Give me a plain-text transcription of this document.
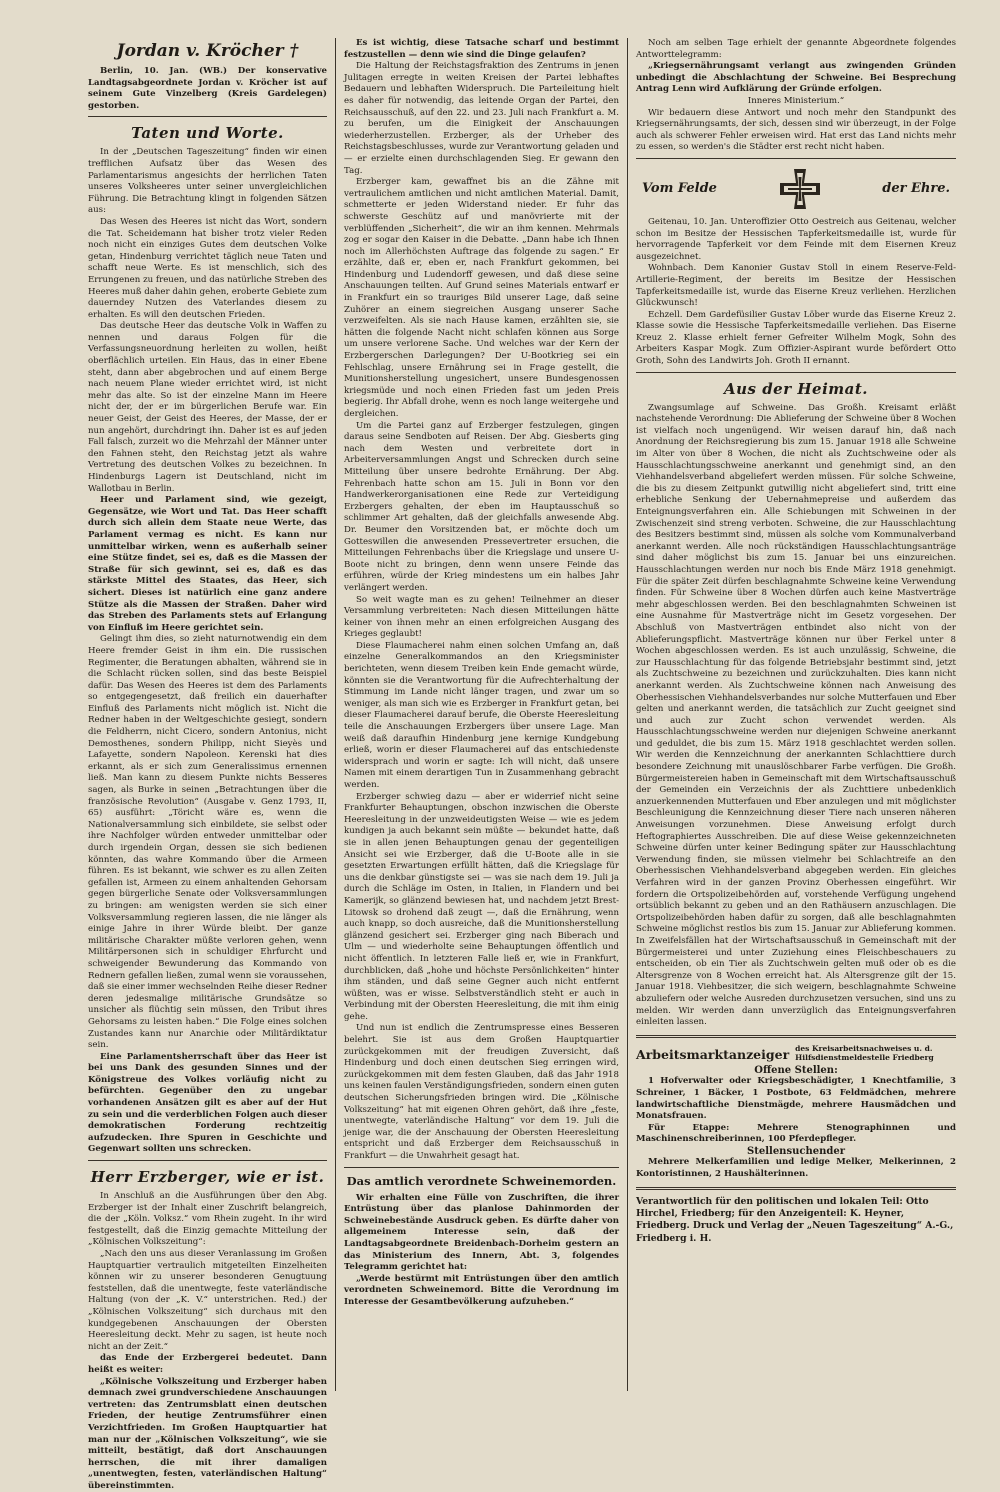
Jordan v. Kröcher †

Berlin, 10. Jan. (WB.) Der konservative Landtagsabgeordnete Jordan v. Kröcher ist auf seinem Gute Vinzelberg (Kreis Gardelegen) gestorben.

Taten und Worte.

In der „Deutschen Tageszeitung“ finden wir einen trefflichen Aufsatz über das Wesen des Parlamentarismus angesichts der herrlichen Taten unseres Volksheeres unter seiner unvergleichlichen Führung. Die Betrachtung klingt in folgenden Sätzen aus:

Das Wesen des Heeres ist nicht das Wort, sondern die Tat. Scheidemann hat bisher trotz vieler Reden noch nicht ein einziges Gutes dem deutschen Volke getan, Hindenburg verrichtet täglich neue Taten und schafft neue Werte. Es ist menschlich, sich des Errungenen zu freuen, und das natürliche Streben des Heeres muß daher dahin gehen, eroberte Gebiete zum dauerndey Nutzen des Vaterlandes diesem zu erhalten. Es will den deutschen Frieden.

Das deutsche Heer das deutsche Volk in Waffen zu nennen und daraus Folgen für die Verfassungsneuordnung herleiten zu wollen, heißt oberflächlich urteilen. Ein Haus, das in einer Ebene steht, dann aber abgebrochen und auf einem Berge nach neuem Plane wieder errichtet wird, ist nicht mehr das alte. So ist der einzelne Mann im Heere nicht der, der er im bürgerlichen Berufe war. Ein neuer Geist, der Geist des Heeres, der Masse, der er nun angehört, durchdringt ihn. Daher ist es auf jeden Fall falsch, zurzeit wo die Mehrzahl der Männer unter den Fahnen steht, den Reichstag jetzt als wahre Vertretung des deutschen Volkes zu bezeichnen. In Hindenburgs Lagern ist Deutschland, nicht im Wallotbau in Berlin.

Heer und Parlament sind, wie gezeigt, Gegensätze, wie Wort und Tat. Das Heer schafft durch sich allein dem Staate neue Werte, das Parlament vermag es nicht. Es kann nur unmittelbar wirken, wenn es außerhalb seiner eine Stütze findet, sei es, daß es die Massen der Straße für sich gewinnt, sei es, daß es das stärkste Mittel des Staates, das Heer, sich sichert. Dieses ist natürlich eine ganz andere Stütze als die Massen der Straßen. Daher wird das Streben des Parlaments stets auf Erlangung von Einfluß im Heere gerichtet sein.

Gelingt ihm dies, so zieht naturnotwendig ein dem Heere fremder Geist in ihm ein. Die russischen Regimenter, die Beratungen abhalten, während sie in die Schlacht rücken sollen, sind das beste Beispiel dafür. Das Wesen des Heeres ist dem des Parlaments so entgegengesetzt, daß freilich ein dauerhafter Einfluß des Parlaments nicht möglich ist. Nicht die Redner haben in der Weltgeschichte gesiegt, sondern die Feldherrn, nicht Cicero, sondern Antonius, nicht Demosthenes, sondern Philipp, nicht Sieyès und Lafayette, sondern Napoleon. Kerenski hat dies erkannt, als er sich zum Generalissimus ernennen ließ. Man kann zu diesem Punkte nichts Besseres sagen, als Burke in seinen „Betrachtungen über die französische Revolution“ (Ausgabe v. Genz 1793, II, 65) ausführt: „Töricht wäre es, wenn die Nationalversammlung sich einbildete, sie selbst oder ihre Nachfolger würden entweder unmittelbar oder durch irgendein Organ, dessen sie sich bedienen könnten, das wahre Kommando über die Armeen führen. Es ist bekannt, wie schwer es zu allen Zeiten gefallen ist, Armeen zu einem anhaltenden Gehorsam gegen bürgerliche Senate oder Volksversammlungen zu bringen: am wenigsten werden sie sich einer Volksversammlung regieren lassen, die nie länger als einige Jahre in ihrer Würde bleibt. Der ganze militärische Charakter müßte verloren gehen, wenn Militärpersonen sich in schuldiger Ehrfurcht und schweigender Bewunderung das Kommando von Rednern gefallen ließen, zumal wenn sie voraussehen, daß sie einer immer wechselnden Reihe dieser Redner deren jedesmalige militärische Grundsätze so unsicher als flüchtig sein müssen, den Tribut ihres Gehorsams zu leisten haben.“ Die Folge eines solchen Zustandes kann nur Anarchie oder Militärdiktatur sein.

Eine Parlamentsherrschaft über das Heer ist bei uns Dank des gesunden Sinnes und der Königstreue des Volkes vorläufig nicht zu befürchten. Gegenüber den zu ungebar vorhandenen Ansätzen gilt es aber auf der Hut zu sein und die verderblichen Folgen auch dieser demokratischen Forderung rechtzeitig aufzudecken. Ihre Spuren in Geschichte und Gegenwart sollten uns schrecken.

Herr Erzberger, wie er ist.

In Anschluß an die Ausführungen über den Abg. Erzberger ist der Inhalt einer Zuschrift belangreich, die der „Köln. Volksz.“ vom Rhein zugeht. In ihr wird festgestellt, daß die Einzig gemachte Mitteilung der „Kölnischen Volkszeitung“:

„Nach den uns aus dieser Veranlassung im Großen Hauptquartier vertraulich mitgeteilten Einzelheiten können wir zu unserer besonderen Genugtuung feststellen, daß die unentwegte, feste vaterländische Haltung (von der „K. V.“ unterstrichen. Red.) der „Kölnischen Volkszeitung“ sich durchaus mit den kundgegebenen Anschauungen der Obersten Heeresleitung deckt. Mehr zu sagen, ist heute noch nicht an der Zeit.“

das Ende der Erzbergerei bedeutet. Dann heißt es weiter:

„Kölnische Volkszeitung und Erzberger haben demnach zwei grundverschiedene Anschauungen vertreten: das Zentrumsblatt einen deutschen Frieden, der heutige Zentrumsführer einen Verzichtfrieden. Im Großen Hauptquartier hat man nur der „Kölnischen Volkszeitung“, wie sie mitteilt, bestätigt, daß dort Anschauungen herrschen, die mit ihrer damaligen „unentwegten, festen, vaterländischen Haltung“ übereinstimmten.

Es ist wichtig, diese Tatsache scharf und bestimmt festzustellen — denn wie sind die Dinge gelaufen?

Die Haltung der Reichstagsfraktion des Zentrums in jenen Julitagen erregte in weiten Kreisen der Partei lebhaftes Bedauern und lebhaften Widerspruch. Die Parteileitung hielt es daher für notwendig, das leitende Organ der Partei, den Reichsausschuß, auf den 22. und 23. Juli nach Frankfurt a. M. zu berufen, um die Einigkeit der Anschauungen wiederherzustellen. Erzberger, als der Urheber des Reichstagsbeschlusses, wurde zur Verantwortung geladen und — er erzielte einen durchschlagenden Sieg. Er gewann den Tag.

Erzberger kam, gewaffnet bis an die Zähne mit vertraulichem amtlichen und nicht amtlichen Material. Damit, schmetterte er jeden Widerstand nieder. Er fuhr das schwerste Geschütz auf und manövrierte mit der verblüffenden „Sicherheit“, die wir an ihm kennen. Mehrmals zog er sogar den Kaiser in die Debatte. „Dann habe ich Ihnen noch im Allerhöchsten Auftrage das folgende zu sagen.“ Er erzählte, daß er, eben er, nach Frankfurt gekommen, bei Hindenburg und Ludendorff gewesen, und daß diese seine Anschauungen teilten. Auf Grund seines Materials entwarf er in Frankfurt ein so trauriges Bild unserer Lage, daß seine Zuhörer an einem siegreichen Ausgang unserer Sache verzweifelten. Als sie nach Hause kamen, erzählten sie, sie hätten die folgende Nacht nicht schlafen können aus Sorge um unsere verlorene Sache. Und welches war der Kern der Erzbergerschen Darlegungen? Der U-Bootkrieg sei ein Fehlschlag, unsere Ernährung sei in Frage gestellt, die Munitionsherstellung ungesichert, unsere Bundesgenossen kriegsmüde und noch einen Frieden fast um jeden Preis begierig. Ihr Abfall drohe, wenn es noch lange weitergehe und dergleichen.

Um die Partei ganz auf Erzberger festzulegen, gingen daraus seine Sendboten auf Reisen. Der Abg. Giesberts ging nach dem Westen und verbreitete dort in Arbeiterversammlungen Angst und Schrecken durch seine Mitteilung über unsere bedrohte Ernährung. Der Abg. Fehrenbach hatte schon am 15. Juli in Bonn vor den Handwerkerorganisationen eine Rede zur Verteidigung Erzbergers gehalten, der eben im Hauptausschuß so schlimmer Art gehalten, daß der gleichfalls anwesende Abg. Dr. Beumer den Vorsitzenden bat, er möchte doch um Gotteswillen die anwesenden Pressevertreter ersuchen, die Mitteilungen Fehrenbachs über die Kriegslage und unsere U-Boote nicht zu bringen, denn wenn unsere Feinde das erführen, würde der Krieg mindestens um ein halbes Jahr verlängert werden.

So weit wagte man es zu gehen! Teilnehmer an dieser Versammlung verbreiteten: Nach diesen Mitteilungen hätte keiner von ihnen mehr an einen erfolgreichen Ausgang des Krieges geglaubt!

Diese Flaumacherei nahm einen solchen Umfang an, daß einzelne Generalkommandos an den Kriegsminister berichteten, wenn diesem Treiben kein Ende gemacht würde, könnten sie die Verantwortung für die Aufrechterhaltung der Stimmung im Lande nicht länger tragen, und zwar um so weniger, als man sich wie es Erzberger in Frankfurt getan, bei dieser Flaumacherei darauf berufe, die Oberste Heeresleitung teile die Anschauungen Erzbergers über unsere Lage. Man weiß daß daraufhin Hindenburg jene kernige Kundgebung erließ, worin er dieser Flaumacherei auf das entschiedenste widersprach und worin er sagte: Ich will nicht, daß unsere Namen mit einem derartigen Tun in Zusammenhang gebracht werden.

Erzberger schwieg dazu — aber er widerrief nicht seine Frankfurter Behauptungen, obschon inzwischen die Oberste Heeresleitung in der unzweideutigsten Weise — wie es jedem kundigen ja auch bekannt sein müßte — bekundet hatte, daß sie in allen jenen Behauptungen genau der gegenteiligen Ansicht sei wie Erzberger, daß die U-Boote alle in sie gesetzten Erwartungen erfüllt hätten, daß die Kriegslage für uns die denkbar günstigste sei — was sie nach dem 19. Juli ja durch die Schläge im Osten, in Italien, in Flandern und bei Kamerijk, so glänzend bewiesen hat, und nachdem jetzt Brest-Litowsk so drohend daß zeugt —, daß die Ernährung, wenn auch knapp, so doch ausreiche, daß die Munitionsherstellung glänzend gesichert sei. Erzberger ging nach Biberach und Ulm — und wiederholte seine Behauptungen öffentlich und nicht öffentlich. In letzteren Falle ließ er, wie in Frankfurt, durchblicken, daß „hohe und höchste Persönlichkeiten“ hinter ihm ständen, und daß seine Gegner auch nicht entfernt wüßten, was er wisse. Selbstverständlich steht er auch in Verbindung mit der Obersten Heeresleitung, die mit ihm einig gehe.

Und nun ist endlich die Zentrumspresse eines Besseren belehrt. Sie ist aus dem Großen Hauptquartier zurückgekommen mit der freudigen Zuversicht, daß Hindenburg und doch einen deutschen Sieg erringen wird, zurückgekommen mit dem festen Glauben, daß das Jahr 1918 uns keinen faulen Verständigungsfrieden, sondern einen guten deutschen Sicherungsfrieden bringen wird. Die „Kölnische Volkszeitung“ hat mit eigenen Ohren gehört, daß ihre „feste, unentwegte, vaterländische Haltung“ vor dem 19. Juli die jenige war, die der Anschauung der Obersten Heeresleitung entspricht und daß Erzberger dem Reichsausschuß in Frankfurt — die Unwahrheit gesagt hat.

Das amtlich verordnete Schweinemorden.

Wir erhalten eine Fülle von Zuschriften, die ihrer Entrüstung über das planlose Dahinmorden der Schweinebestände Ausdruck geben. Es dürfte daher von allgemeinem Interesse sein, daß der Landtagsabgeordnete Breidenbach-Dorheim gestern an das Ministerium des Innern, Abt. 3, folgendes Telegramm gerichtet hat:

„Werde bestürmt mit Entrüstungen über den amtlich verordneten Schweinemord. Bitte die Verordnung im Interesse der Gesamtbevölkerung aufzuheben.“

Noch am selben Tage erhielt der genannte Abgeordnete folgendes Antworttelegramm:

„Kriegsernährungsamt verlangt aus zwingenden Gründen unbedingt die Abschlachtung der Schweine. Bei Besprechung Antrag Lenn wird Aufklärung der Gründe erfolgen.

Inneres Ministerium.“

Wir bedauern diese Antwort und noch mehr den Standpunkt des Kriegsernährungsamts, der sich, dessen sind wir überzeugt, in der Folge auch als schwerer Fehler erweisen wird. Hat erst das Land nichts mehr zu essen, so werden's die Städter erst recht nicht haben.

Vom Felde	der Ehre.

Geitenau, 10. Jan. Unteroffizier Otto Oestreich aus Geitenau, welcher schon im Besitze der Hessischen Tapferkeitsmedaille ist, wurde für hervorragende Tapferkeit vor dem Feinde mit dem Eisernen Kreuz ausgezeichnet.

Wohnbach. Dem Kanonier Gustav Stoll in einem Reserve-Feld-Artillerie-Regiment, der bereits im Besitze der Hessischen Tapferkeitsmedaille ist, wurde das Eiserne Kreuz verliehen. Herzlichen Glückwunsch!

Echzell. Dem Gardefüsilier Gustav Löber wurde das Eiserne Kreuz 2. Klasse sowie die Hessische Tapferkeitsmedaille verliehen. Das Eiserne Kreuz 2. Klasse erhielt ferner Gefreiter Wilhelm Mogk, Sohn des Arbeiters Kaspar Mogk. Zum Offizier-Aspirant wurde befördert Otto Groth, Sohn des Landwirts Joh. Groth II ernannt.

Aus der Heimat.

Zwangsumlage auf Schweine. Das Großh. Kreisamt erläßt nachstehende Verordnung: Die Ablieferung der Schweine über 8 Wochen ist vielfach noch ungenügend. Wir weisen darauf hin, daß nach Anordnung der Reichsregierung bis zum 15. Januar 1918 alle Schweine im Alter von über 8 Wochen, die nicht als Zuchtschweine oder als Hausschlachtungsschweine anerkannt und genehmigt sind, an den Viehhandelsverband abgeliefert werden müssen. Für solche Schweine, die bis zu diesem Zeitpunkt gutwillig nicht abgeliefert sind, tritt eine erhebliche Senkung der Uebernahmepreise und außerdem das Enteignungsverfahren ein. Alle Schiebungen mit Schweinen in der Zwischenzeit sind streng verboten. Schweine, die zur Hausschlachtung des Besitzers bestimmt sind, müssen als solche vom Kommunalverband anerkannt werden. Alle noch rückständigen Hausschlachtungsanträge sind daher möglichst bis zum 15. Januar bei uns einzureichen. Hausschlachtungen werden nur noch bis Ende März 1918 genehmigt. Für die später Zeit dürfen beschlagnahmte Schweine keine Verwendung finden. Für Schweine über 8 Wochen dürfen auch keine Mastverträge mehr abgeschlossen werden. Bei den beschlagnahmten Schweinen ist eine Ausnahme für Mastverträge nicht im Gesetz vorgesehen. Der Abschluß von Mastverträgen entbindet also nicht von der Ablieferungspflicht. Mastverträge können nur über Ferkel unter 8 Wochen abgeschlossen werden. Es ist auch unzulässig, Schweine, die zur Hausschlachtung für das folgende Betriebsjahr bestimmt sind, jetzt als Zuchtschweine zu bezeichnen und zurückzuhalten. Dies kann nicht anerkannt werden. Als Zuchtschweine können nach Anweisung des Oberhessischen Viehhandelsverbandes nur solche Mutterfauen und Eber gelten und anerkannt werden, die tatsächlich zur Zucht geeignet sind und auch zur Zucht schon verwendet werden. Als Hausschlachtungsschweine werden nur diejenigen Schweine anerkannt und geduldet, die bis zum 15. März 1918 geschlachtet werden sollen. Wir werden die Kennzeichnung der anerkannten Schlachttiere durch besondere Zeichnung mit unauslöschbarer Farbe verfügen. Die Großh. Bürgermeistereien haben in Gemeinschaft mit dem Wirtschaftsausschuß der Gemeinden ein Verzeichnis der als Zuchttiere unbedenklich anzuerkennenden Mutterfauen und Eber anzulegen und mit möglichster Beschleunigung die Kennzeichnung dieser Tiere nach unseren näheren Anweisungen vorzunehmen. Diese Anweisung erfolgt durch Heftographiertes Ausschreiben. Die auf diese Weise gekennzeichneten Schweine dürfen unter keiner Bedingung später zur Hausschlachtung Verwendung finden, sie müssen vielmehr bei Schlachtreife an den Oberhessischen Viehhandelsverband abgegeben werden. Ein gleiches Verfahren wird in der ganzen Provinz Oberhessen eingeführt. Wir fordern die Ortspolizeibehörden auf, vorstehende Verfügung ungehend ortsüblich bekannt zu geben und an den Rathäusern anzuschlagen. Die Ortspolizeibehörden haben dafür zu sorgen, daß alle beschlagnahmten Schweine möglichst restlos bis zum 15. Januar zur Ablieferung kommen. In Zweifelsfällen hat der Wirtschaftsausschuß in Gemeinschaft mit der Bürgermeisterei und unter Zuziehung eines Fleischbeschauers zu entscheiden, ob ein Tier als Zuchtschwein gelten muß oder ob es die Altersgrenze von 8 Wochen erreicht hat. Als Altersgrenze gilt der 15. Januar 1918. Viehbesitzer, die sich weigern, beschlagnahmte Schweine abzuliefern oder welche Ausreden durchzusetzen versuchen, sind uns zu melden. Wir werden dann unverzüglich das Enteignungsverfahren einleiten lassen.

Arbeitsmarktanzeiger des Kreisarbeitsnachweises u. d.
Hilfsdienstmeldestelle Friedberg

Offene Stellen:

1 Hofverwalter oder Kriegsbeschädigter, 1 Knechtfamilie, 3 Schreiner, 1 Bäcker, 1 Postbote, 63 Feldmädchen, mehrere landwirtschaftliche Dienstmägde, mehrere Hausmädchen und Monatsfrauen.

Für Etappe: Mehrere Stenographinnen und Maschinenschreiberinnen, 100 Pferdepfleger.

Stellensuchender

Mehrere Melkerfamilien und ledige Melker, Melkerinnen, 2 Kontoristinnen, 2 Haushälterinnen.

Verantwortlich für den politischen und lokalen Teil: Otto Hirchel, Friedberg; für den Anzeigenteil: K. Heyner, Friedberg. Druck und Verlag der „Neuen Tageszeitung“ A.-G., Friedberg i. H.
